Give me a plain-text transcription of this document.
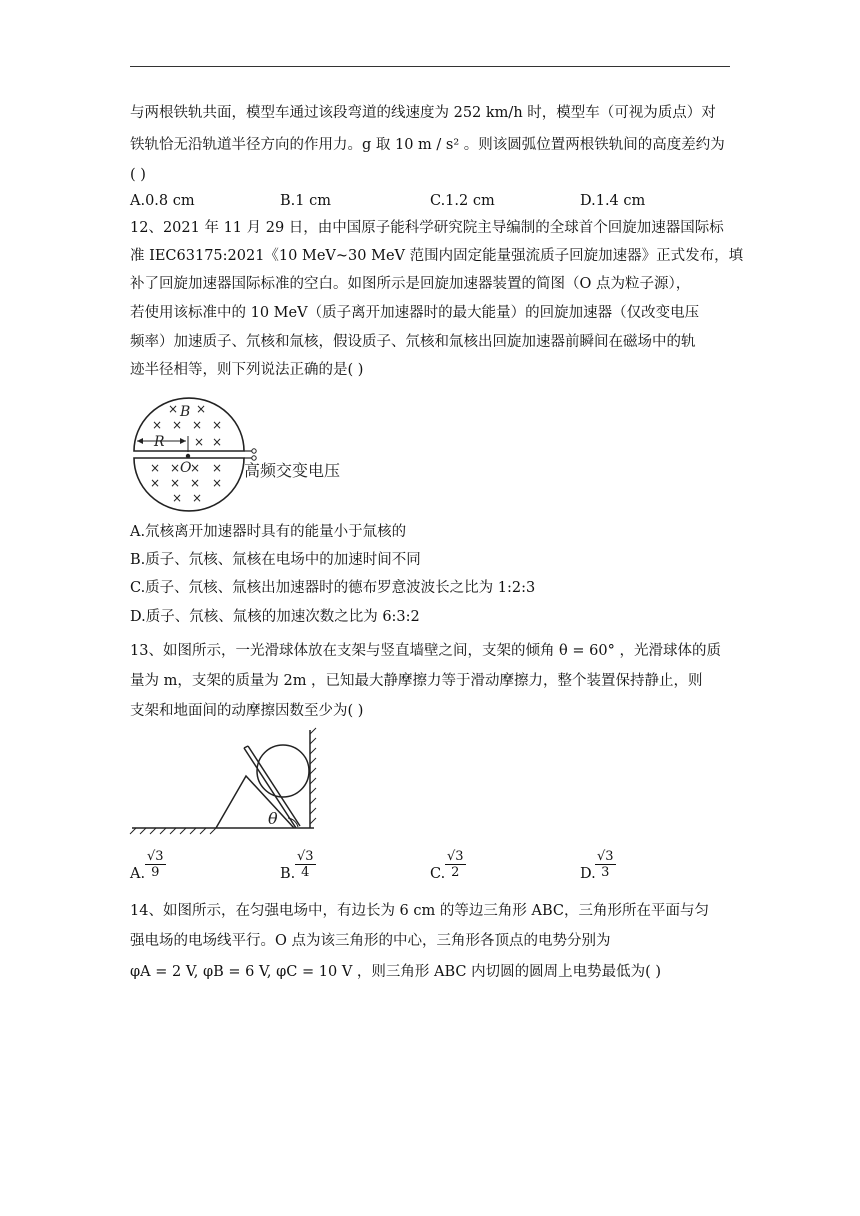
与两根铁轨共面，模型车通过该段弯道的线速度为 252 km/h 时，模型车（可视为质点）对
铁轨恰无沿轨道半径方向的作用力。g 取 10 m / s² 。则该圆弧位置两根铁轨间的高度差约为
( )
A.0.8 cm	B.1 cm	C.1.2 cm	D.1.4 cm
12、2021 年 11 月 29 日，由中国原子能科学研究院主导编制的全球首个回旋加速器国际标
准 IEC63175:2021《10 MeV~30 MeV 范围内固定能量强流质子回旋加速器》正式发布，填
补了回旋加速器国际标准的空白。如图所示是回旋加速器装置的简图（O 点为粒子源），
若使用该标准中的 10 MeV（质子离开加速器时的最大能量）的回旋加速器（仅改变电压
频率）加速质子、氘核和氚核，假设质子、氘核和氚核出回旋加速器前瞬间在磁场中的轨
迹半径相等，则下列说法正确的是( )
× ×
× × × ×
× ×
× × × ×
× × × ×
× ×
B
R
O	高频交变电压
A.氘核离开加速器时具有的能量小于氚核的
B.质子、氘核、氚核在电场中的加速时间不同
C.质子、氘核、氚核出加速器时的德布罗意波波长之比为 1:2:3
D.质子、氘核、氚核的加速次数之比为 6:3:2
13、如图所示，一光滑球体放在支架与竖直墙壁之间，支架的倾角 θ = 60° ，光滑球体的质
量为 m，支架的质量为 2m ，已知最大静摩擦力等于滑动摩擦力，整个装置保持静止，则
支架和地面间的动摩擦因数至少为( )
θ
A. $\frac{√3}{9}$	B. $\frac{√3}{4}$	C. $\frac{√3}{2}$	D. $\frac{√3}{3}$
14、如图所示，在匀强电场中，有边长为 6 cm 的等边三角形 ABC，三角形所在平面与匀
强电场的电场线平行。O 点为该三角形的中心，三角形各顶点的电势分别为
φA = 2 V, φB = 6 V, φC = 10 V ，则三角形 ABC 内切圆的圆周上电势最低为( )
